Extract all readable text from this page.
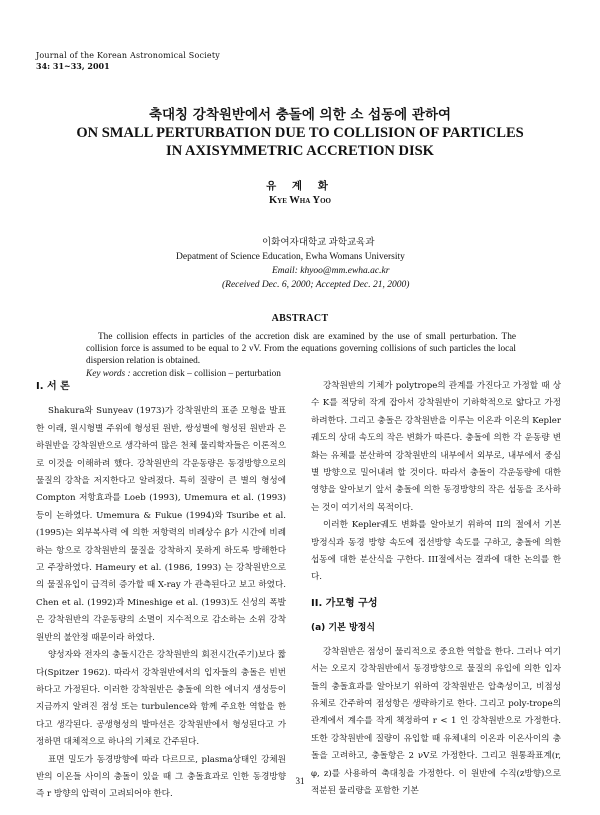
Journal of the Korean Astronomical Society
34: 31~33, 2001
축대칭 강착원반에서 충돌에 의한 소 섭동에 관하여
ON SMALL PERTURBATION DUE TO COLLISION OF PARTICLES
IN AXISYMMETRIC ACCRETION DISK
유 계 화
Kye Wha Yoo
이화여자대학교 과학교육과
Depatment of Science Education, Ewha Womans University
Email: khyoo@mm.ewha.ac.kr
(Received Dec. 6, 2000; Accepted Dec. 21, 2000)
ABSTRACT
The collision effects in particles of the accretion disk are examined by the use of small perturbation. The collision force is assumed to be equal to 2 νV. From the equations governing collisions of such particles the local dispersion relation is obtained.
Key words : accretion disk – collision – perturbation
I. 서 론

Shakura와 Sunyeav (1973)가 강착원반의 표준 모형을 발표한 이래, 원시형별 주위에 형성된 원반, 쌍성별에 형성된 원반과 은하원반을 강착원반으로 생각하여 많은 천체 물리학자들은 이론적으로 이것을 이해하려 했다. 강착원반의 각운동량은 동경방향으로의 물질의 강착을 저지한다고 알려졌다. 특히 질량이 큰 별의 형성에 Compton 저항효과를 Loeb (1993), Umemura et al. (1993) 등이 논하였다. Umemura & Fukue (1994)와 Tsuribe et al. (1995)는 외부복사력 에 의한 저항력의 비례상수 β가 시간에 비례하는 항으로 강착원반의 물질을 강착하지 못하게 하도록 방해한다고 주장하였다. Hameury et al. (1986, 1993) 는 강착원반으로의 물질유입이 급격히 증가할 때 X-ray 가 관측된다고 보고 하였다. Chen et al. (1992)과 Mineshige et al. (1993)도 신성의 폭발은 강착원반의 각운동량의 소멸이 지수적으로 감소하는 소위 강착원반의 불안정 때문이라 하였다.

양성자와 전자의 충돌시간은 강착원반의 회전시간(주기)보다 짧다(Spitzer 1962). 따라서 강착원반에서의 입자들의 충돌은 빈번하다고 가정된다. 이러한 강착원반은 충돌에 의한 에너지 생성등이 지금까지 알려진 점성 또는 turbulence와 함께 주요한 역할을 한다고 생각된다. 공생형성의 발마선은 강착원반에서 형성된다고 가정하면 대체적으로 하나의 기체로 간주된다.

표면 밀도가 동경방향에 따라 다르므로, plasma상태인 강체원반의 이온들 사이의 충돌이 있을 때 그 충돌효과로 인한 동경방향 즉 r 방향의 압력이 고려되어야 한다.

강착원반의 기체가 polytrope의 관계를 가진다고 가정할 때 상수 K를 적당히 작게 잡아서 강착원반이 기하학적으로 얇다고 가정하려한다. 그리고 충돌은 강착원반을 이루는 이온과 이온의 Kepler궤도의 상대 속도의 작은 변화가 따른다. 충돌에 의한 각 운동량 변화는 유체를 분산하여 강착원반의 내부에서 외부로, 내부에서 중심별 방향으로 밀어내려 할 것이다. 따라서 충돌이 각운동량에 대한 영향을 알아보기 앞서 충돌에 의한 동경방향의 작은 섭동을 조사하는 것이 여기서의 목적이다.

이러한 Kepler궤도 변화를 알아보기 위하여 II의 절에서 기본 방정식과 동경 방향 속도에 접선방향 속도를 구하고, 충돌에 의한 섭동에 대한 분산식을 구한다. III절에서는 결과에 대한 논의를 한다.

II. 가모형 구성
(a) 기본 방정식

강착원반은 점성이 물리적으로 중요한 역할을 한다. 그러나 여기서는 오로지 강착원반에서 동경방향으로 물질의 유입에 의한 입자들의 충돌효과를 알아보기 위하여 강착원반은 압축성이고, 비점성 유체로 간주하여 점성항은 생략하기로 한다. 그리고 poly-trope의 관계에서 계수를 작게 책정하여 r < 1 인 강착원반으로 가정한다. 또한 강착원반에 질량이 유입할 때 유체내의 이온과 이온사이의 충돌을 고려하고, 충돌항은 2 νV로 가정한다. 그리고 원통좌표계(r, φ, z)를 사용하여 축대칭을 가정한다. 이 원반에 수직(z방향)으로 적분된 물리량을 포함한 기본

31
